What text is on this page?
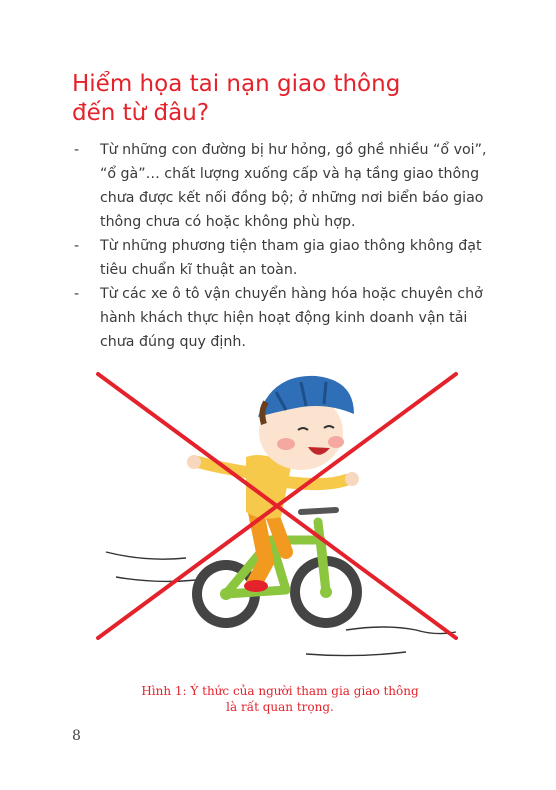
Hiểm họa tai nạn giao thông
đến từ đâu?
- Từ những con đường bị hư hỏng, gồ ghề nhiều “ổ voi”, “ổ gà”… chất lượng xuống cấp và hạ tầng giao thông chưa được kết nối đồng bộ; ở những nơi biển báo giao thông chưa có hoặc không phù hợp.
- Từ những phương tiện tham gia giao thông không đạt tiêu chuẩn kĩ thuật an toàn.
- Từ các xe ô tô vận chuyển hàng hóa hoặc chuyên chở hành khách thực hiện hoạt động kinh doanh vận tải chưa đúng quy định.
Hình 1: Ý thức của người tham gia giao thông
là rất quan trọng.
8
